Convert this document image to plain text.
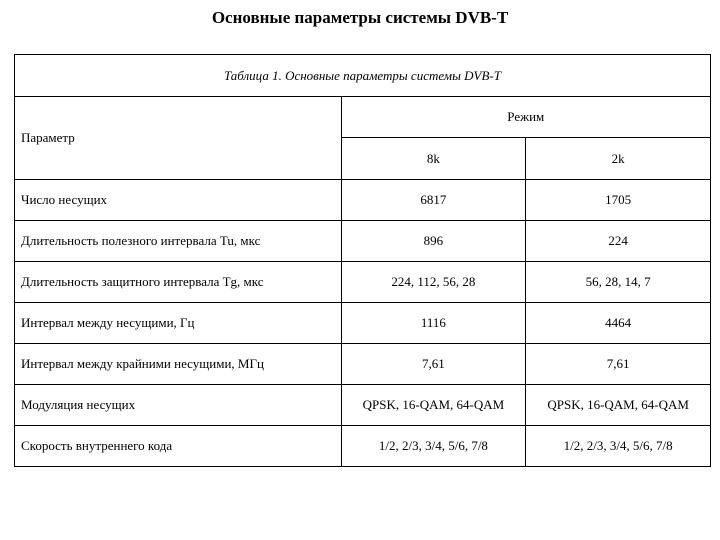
Основные параметры системы DVB-T
Таблица 1. Основные параметры системы DVB-T		
Параметр	Режим	
	8k	2k
Число несущих	6817	1705
Длительность полезного интервала Tu, мкс	896	224
Длительность защитного интервала Tg, мкс	224, 112, 56, 28	56, 28, 14, 7
Интервал между несущими, Гц	1116	4464
Интервал между крайними несущими, МГц	7,61	7,61
Модуляция несущих	QPSK, 16-QAM, 64-QAM	QPSK, 16-QAM, 64-QAM
Скорость внутреннего кода	1/2, 2/3, 3/4, 5/6, 7/8	1/2, 2/3, 3/4, 5/6, 7/8
